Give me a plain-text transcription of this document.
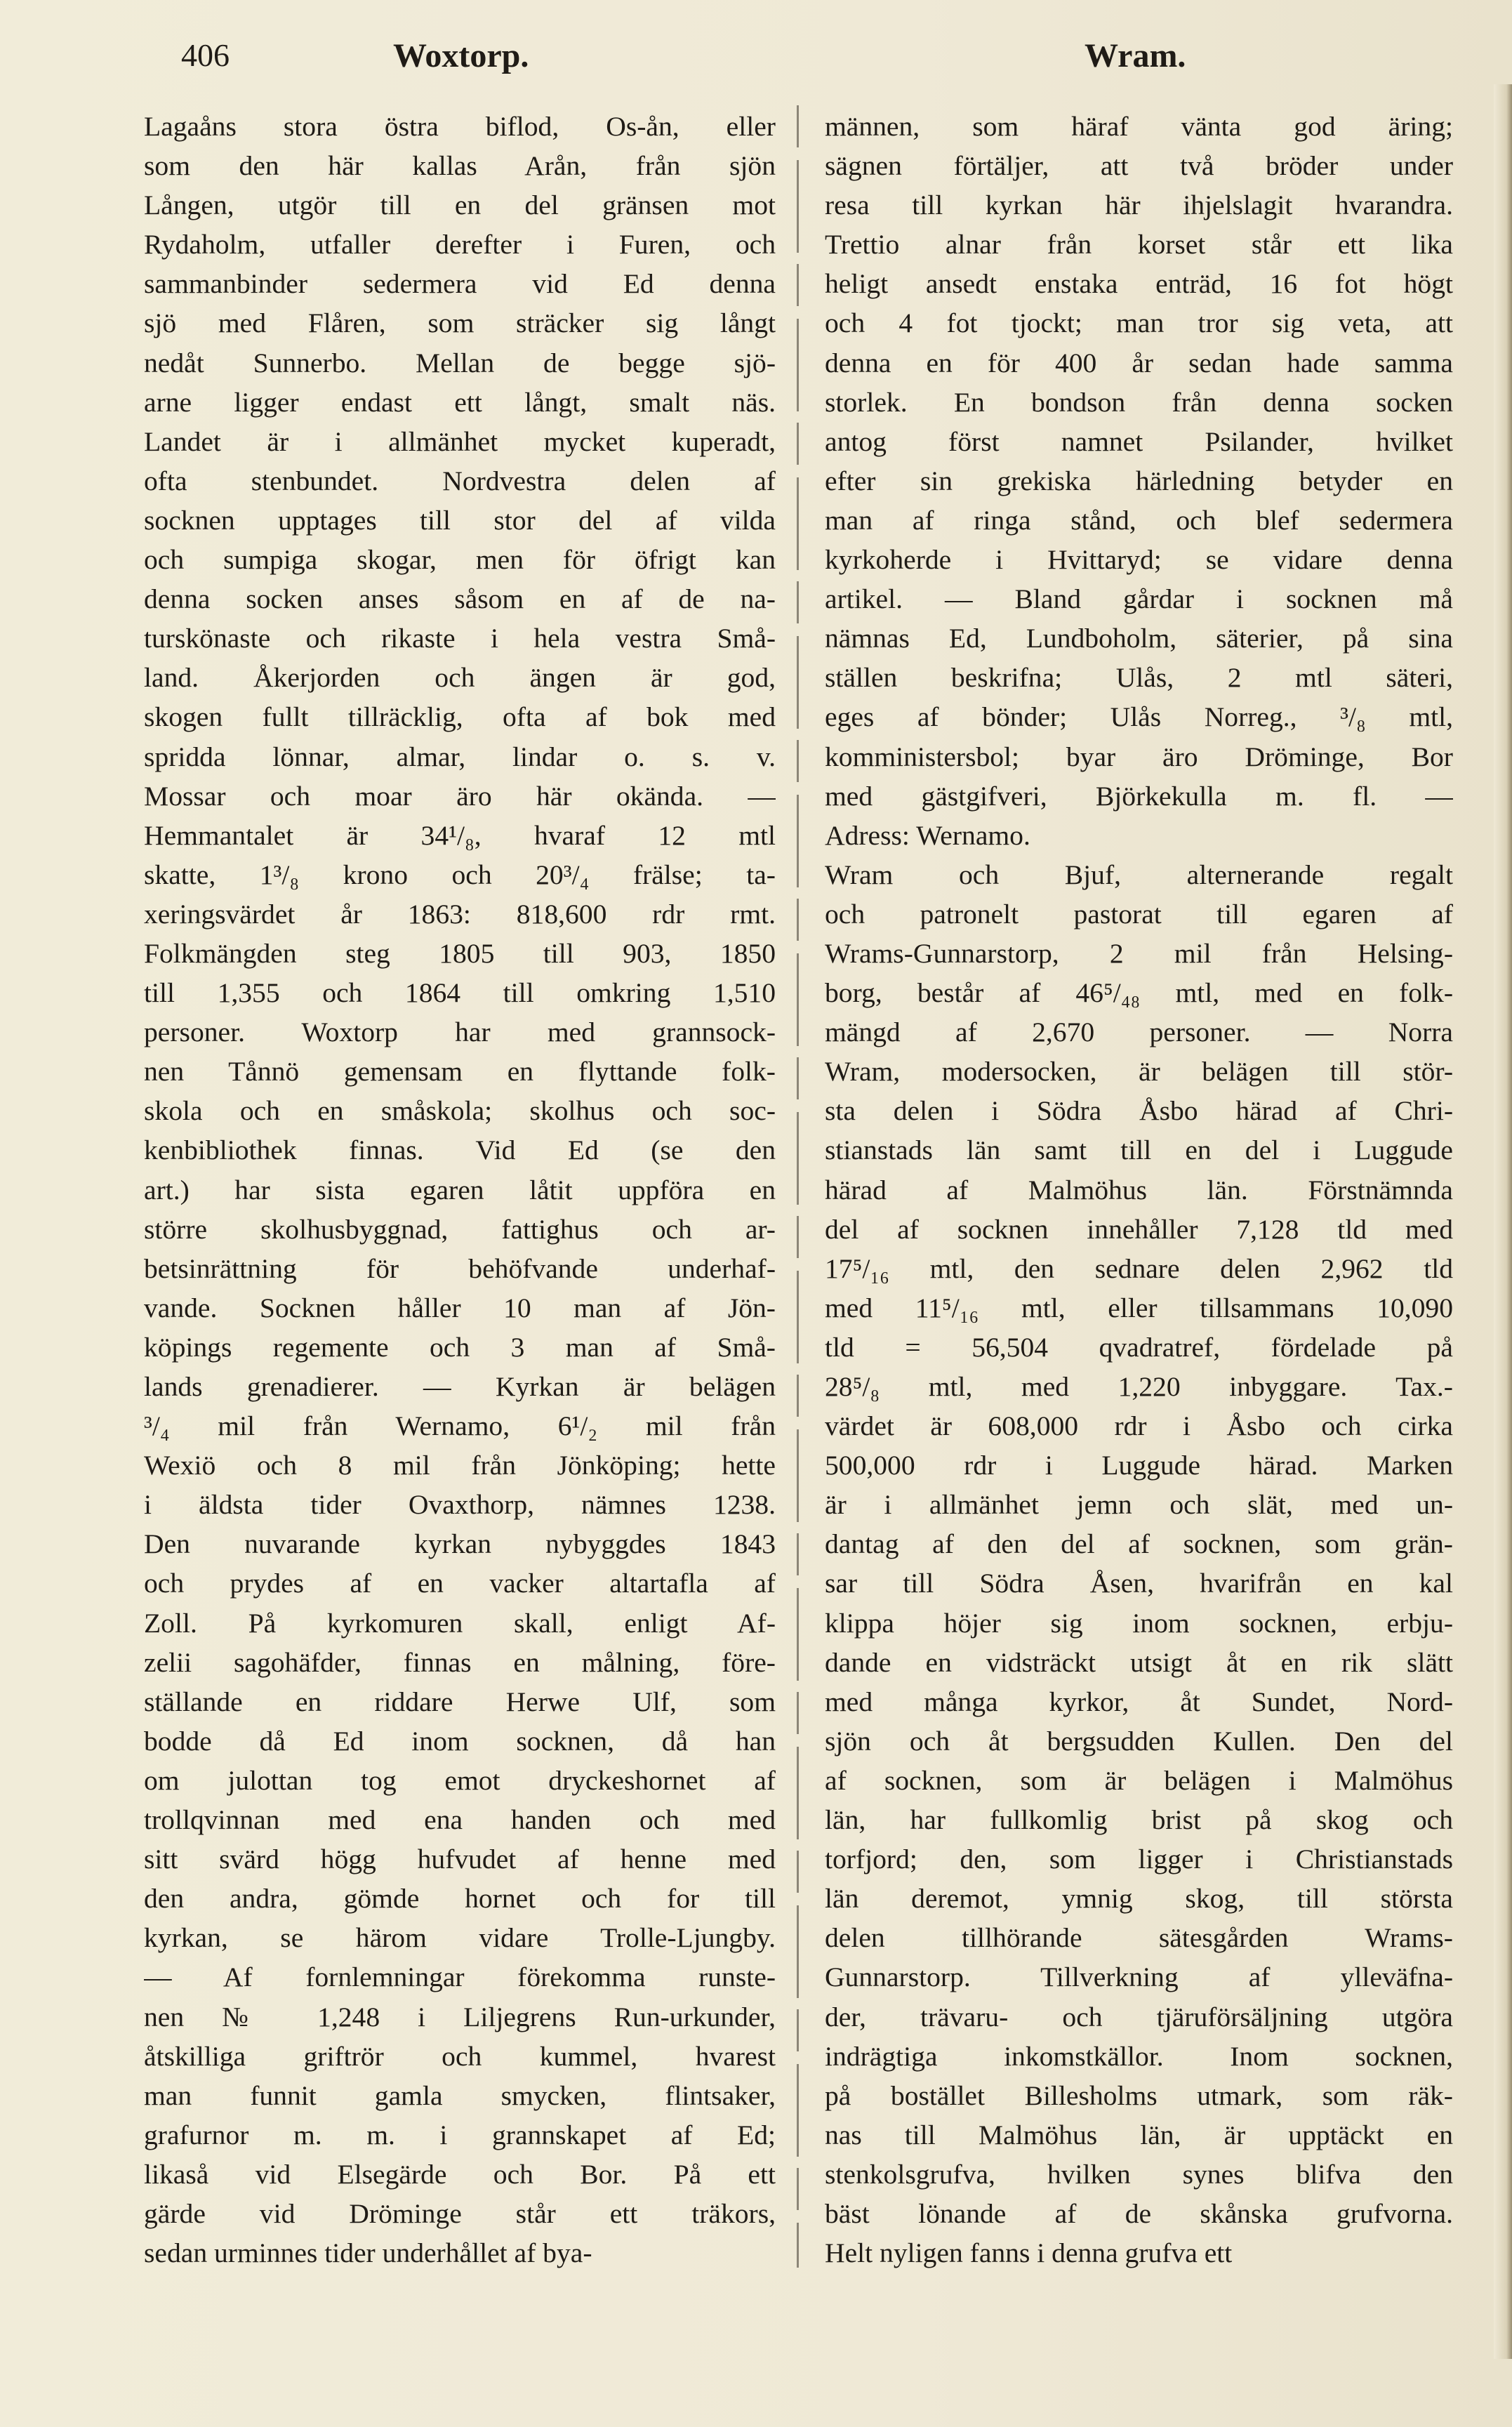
406	Woxtorp.	Wram.
Lagaåns stora östra biflod, Os-ån, eller
som den här kallas Arån, från sjön
Lången, utgör till en del gränsen mot
Rydaholm, utfaller derefter i Furen, och
sammanbinder sedermera vid Ed denna
sjö med Flåren, som sträcker sig långt
nedåt Sunnerbo. Mellan de begge sjö-
arne ligger endast ett långt, smalt näs.
Landet är i allmänhet mycket kuperadt,
ofta stenbundet. Nordvestra delen af
socknen upptages till stor del af vilda
och sumpiga skogar, men för öfrigt kan
denna socken anses såsom en af de na-
turskönaste och rikaste i hela vestra Små-
land. Åkerjorden och ängen är god,
skogen fullt tillräcklig, ofta af bok med
spridda lönnar, almar, lindar o. s. v.
Mossar och moar äro här okända. —
Hemmantalet är 34¹/₈, hvaraf 12 mtl
skatte, 1³/₈ krono och 20³/₄ frälse; ta-
xeringsvärdet år 1863: 818,600 rdr rmt.
Folkmängden steg 1805 till 903, 1850
till 1,355 och 1864 till omkring 1,510
personer. Woxtorp har med grannsock-
nen Tånnö gemensam en flyttande folk-
skola och en småskola; skolhus och soc-
kenbibliothek finnas. Vid Ed (se den
art.) har sista egaren låtit uppföra en
större skolhusbyggnad, fattighus och ar-
betsinrättning för behöfvande underhaf-
vande. Socknen håller 10 man af Jön-
köpings regemente och 3 man af Små-
lands grenadierer. — Kyrkan är belägen
³/₄ mil från Wernamo, 6¹/₂ mil från
Wexiö och 8 mil från Jönköping; hette
i äldsta tider Ovaxthorp, nämnes 1238.
Den nuvarande kyrkan nybyggdes 1843
och prydes af en vacker altartafla af
Zoll. På kyrkomuren skall, enligt Af-
zelii sagohäfder, finnas en målning, före-
ställande en riddare Herwe Ulf, som
bodde då Ed inom socknen, då han
om julottan tog emot dryckeshornet af
trollqvinnan med ena handen och med
sitt svärd högg hufvudet af henne med
den andra, gömde hornet och for till
kyrkan, se härom vidare Trolle-Ljungby.
— Af fornlemningar förekomma runste-
nen № 1,248 i Liljegrens Run-urkunder,
åtskilliga griftrör och kummel, hvarest
man funnit gamla smycken, flintsaker,
grafurnor m. m. i grannskapet af Ed;
likaså vid Elsegärde och Bor. På ett
gärde vid Dröminge står ett träkors,
sedan urminnes tider underhållet af bya-
männen, som häraf vänta god äring;
sägnen förtäljer, att två bröder under
resa till kyrkan här ihjelslagit hvarandra.
Trettio alnar från korset står ett lika
heligt ansedt enstaka enträd, 16 fot högt
och 4 fot tjockt; man tror sig veta, att
denna en för 400 år sedan hade samma
storlek. En bondson från denna socken
antog först namnet Psilander, hvilket
efter sin grekiska härledning betyder en
man af ringa stånd, och blef sedermera
kyrkoherde i Hvittaryd; se vidare denna
artikel. — Bland gårdar i socknen må
nämnas Ed, Lundboholm, säterier, på sina
ställen beskrifna; Ulås, 2 mtl säteri,
eges af bönder; Ulås Norreg., ³/₈ mtl,
komministersbol; byar äro Dröminge, Bor
med gästgifveri, Björkekulla m. fl. —
Adress: Wernamo.
Wram och Bjuf, alternerande regalt
och patronelt pastorat till egaren af
Wrams-Gunnarstorp, 2 mil från Helsing-
borg, består af 46⁵/₄₈ mtl, med en folk-
mängd af 2,670 personer. — Norra
Wram, modersocken, är belägen till stör-
sta delen i Södra Åsbo härad af Chri-
stianstads län samt till en del i Luggude
härad af Malmöhus län. Förstnämnda
del af socknen innehåller 7,128 tld med
17⁵/₁₆ mtl, den sednare delen 2,962 tld
med 11⁵/₁₆ mtl, eller tillsammans 10,090
tld = 56,504 qvadratref, fördelade på
28⁵/₈ mtl, med 1,220 inbyggare. Tax.-
värdet är 608,000 rdr i Åsbo och cirka
500,000 rdr i Luggude härad. Marken
är i allmänhet jemn och slät, med un-
dantag af den del af socknen, som grän-
sar till Södra Åsen, hvarifrån en kal
klippa höjer sig inom socknen, erbju-
dande en vidsträckt utsigt åt en rik slätt
med många kyrkor, åt Sundet, Nord-
sjön och åt bergsudden Kullen. Den del
af socknen, som är belägen i Malmöhus
län, har fullkomlig brist på skog och
torfjord; den, som ligger i Christianstads
län deremot, ymnig skog, till största
delen tillhörande sätesgården Wrams-
Gunnarstorp. Tillverkning af ylleväfna-
der, trävaru- och tjäruförsäljning utgöra
indrägtiga inkomstkällor. Inom socknen,
på bostället Billesholms utmark, som räk-
nas till Malmöhus län, är upptäckt en
stenkolsgrufva, hvilken synes blifva den
bäst lönande af de skånska grufvorna.
Helt nyligen fanns i denna grufva ett
